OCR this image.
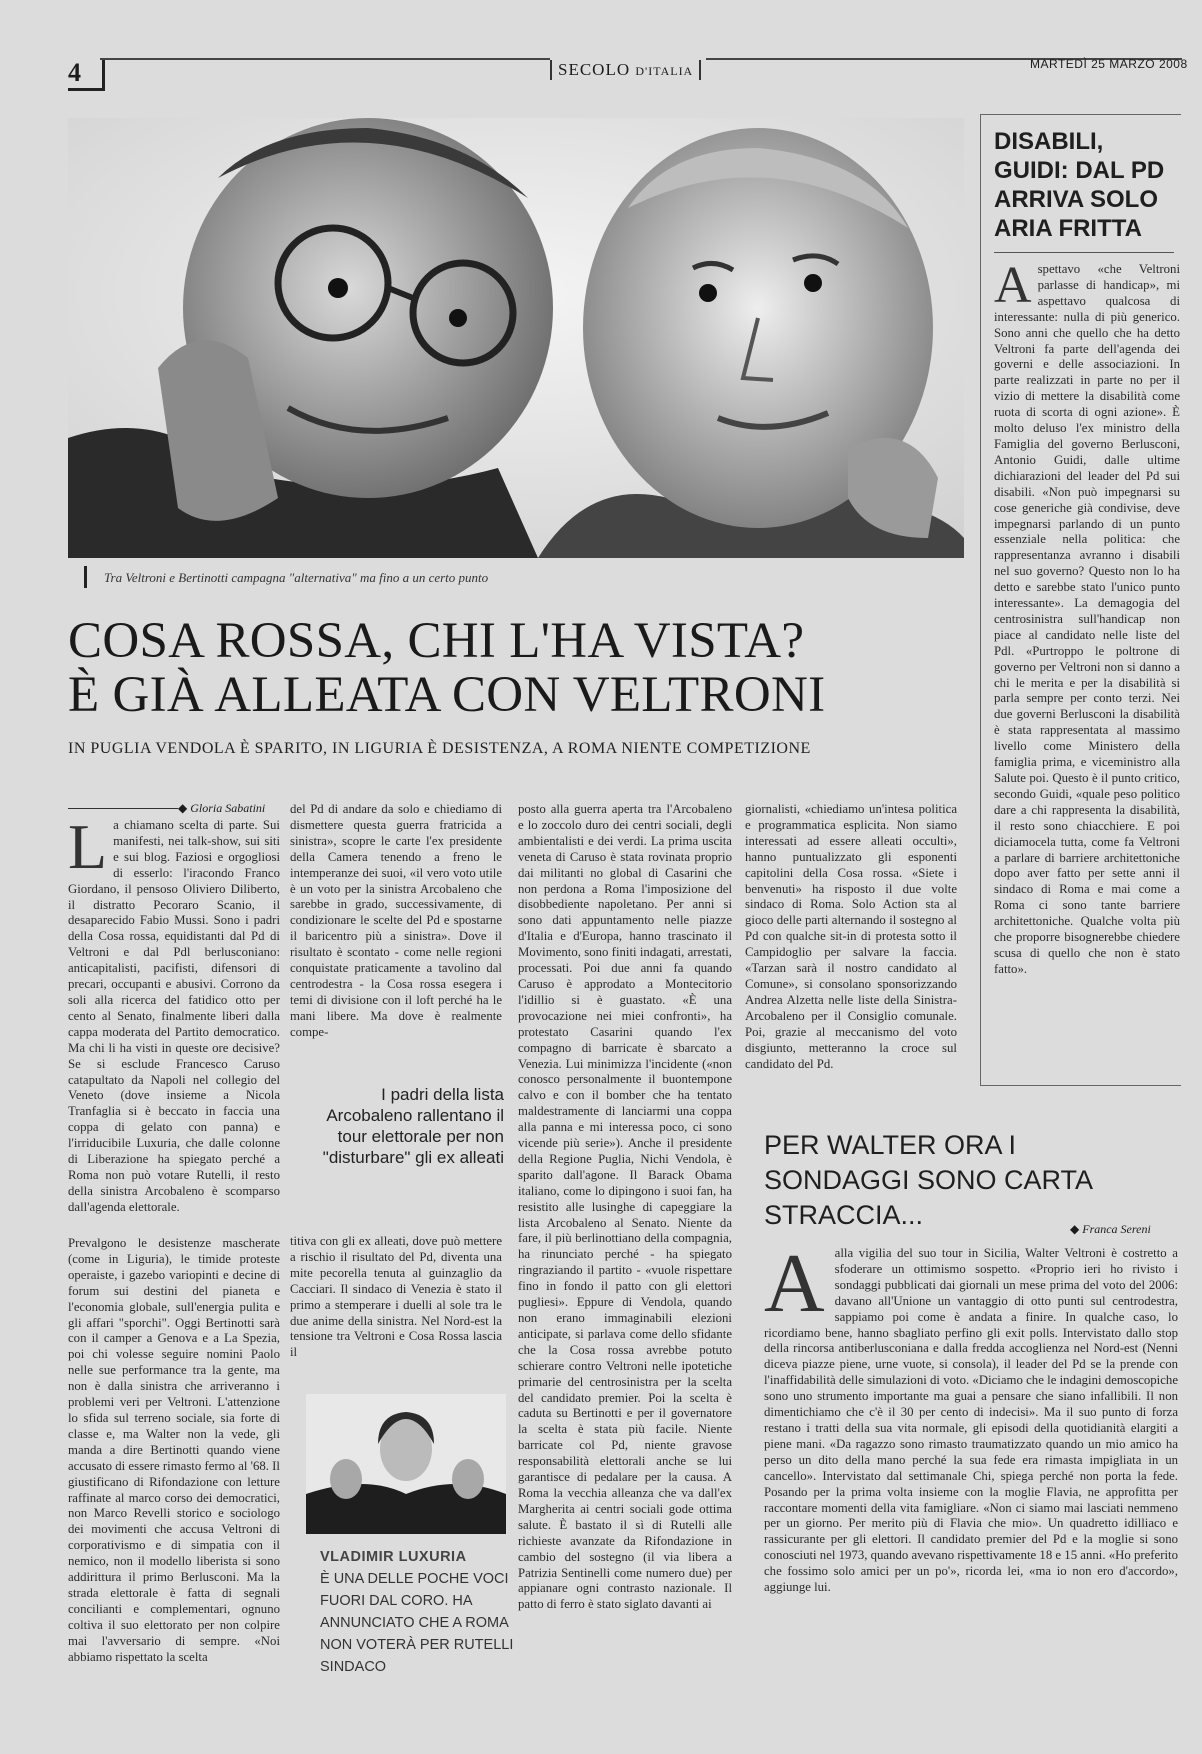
4	SECOLO D'ITALIA	MARTEDÌ 25 MARZO 2008
Tra Veltroni e Bertinotti campagna "alternativa" ma fino a un certo punto
COSA ROSSA, CHI L'HA VISTA?
È GIÀ ALLEATA CON VELTRONI
IN PUGLIA VENDOLA È SPARITO, IN LIGURIA È DESISTENZA, A ROMA NIENTE COMPETIZIONE
◆ Gloria Sabatini
L a chiamano scelta di parte. Sui manifesti, nei talk-show, sui siti e sui blog. Faziosi e orgogliosi di esserlo: l'iracondo Franco Giordano, il pensoso Oliviero Diliberto, il distratto Pecoraro Scanio, il desaparecido Fabio Mussi. Sono i padri della Cosa rossa, equidistanti dal Pd di Veltroni e dal Pdl berlusconiano: anticapitalisti, pacifisti, difensori di precari, occupanti e abusivi. Corrono da soli alla ricerca del fatidico otto per cento al Senato, finalmente liberi dalla cappa moderata del Partito democratico. Ma chi li ha visti in queste ore decisive? Se si esclude Francesco Caruso catapultato da Napoli nel collegio del Veneto (dove insieme a Nicola Tranfaglia si è beccato in faccia una coppa di gelato con panna) e l'irriducibile Luxuria, che dalle colonne di Liberazione ha spiegato perché a Roma non può votare Rutelli, il resto della sinistra Arcobaleno è scomparso dall'agenda elettorale.
Prevalgono le desistenze mascherate (come in Liguria), le timide proteste operaiste, i gazebo variopinti e decine di forum sui destini del pianeta e l'economia globale, sull'energia pulita e gli affari "sporchi". Oggi Bertinotti sarà con il camper a Genova e a La Spezia, poi chi volesse seguire nomini Paolo nelle sue performance tra la gente, ma non è dalla sinistra che arriveranno i problemi veri per Veltroni. L'attenzione lo sfida sul terreno sociale, sia forte di classe e, ma Walter non la vede, gli manda a dire Bertinotti quando viene accusato di essere rimasto fermo al '68. Il giustificano di Rifondazione con letture raffinate al marco corso dei democratici, non Marco Revelli storico e sociologo dei movimenti che accusa Veltroni di corporativismo e di simpatia con il nemico, non il modello liberista si sono addirittura il primo Berlusconi. Ma la strada elettorale è fatta di segnali concilianti e complementari, ognuno coltiva il suo elettorato per non colpire mai l'avversario di sempre. «Noi abbiamo rispettato la scelta
del Pd di andare da solo e chiediamo di dismettere questa guerra fratricida a sinistra», scopre le carte l'ex presidente della Camera tenendo a freno le intemperanze dei suoi, «il vero voto utile è un voto per la sinistra Arcobaleno che sarebbe in grado, successivamente, di condizionare le scelte del Pd e spostarne il baricentro più a sinistra». Dove il risultato è scontato - come nelle regioni conquistate praticamente a tavolino dal centrodestra - la Cosa rossa esegera i temi di divisione con il loft perché ha le mani libere. Ma dove è realmente compe-
I padri della lista Arcobaleno rallentano il tour elettorale per non "disturbare" gli ex alleati
titiva con gli ex alleati, dove può mettere a rischio il risultato del Pd, diventa una mite pecorella tenuta al guinzaglio da Cacciari. Il sindaco di Venezia è stato il primo a stemperare i duelli al sole tra le due anime della sinistra. Nel Nord-est la tensione tra Veltroni e Cosa Rossa lascia il
posto alla guerra aperta tra l'Arcobaleno e lo zoccolo duro dei centri sociali, degli ambientalisti e dei verdi. La prima uscita veneta di Caruso è stata rovinata proprio dai militanti no global di Casarini che non perdona a Roma l'imposizione del disobbediente napoletano. Per anni si sono dati appuntamento nelle piazze d'Italia e d'Europa, hanno trascinato il Movimento, sono finiti indagati, arrestati, processati. Poi due anni fa quando Caruso è approdato a Montecitorio l'idillio si è guastato. «È una provocazione nei miei confronti», ha protestato Casarini quando l'ex compagno di barricate è sbarcato a Venezia. Lui minimizza l'incidente («non conosco personalmente il buontempone calvo e con il bomber che ha tentato maldestramente di lanciarmi una coppa alla panna e mi interessa poco, ci sono vicende più serie»). Anche il presidente della Regione Puglia, Nichi Vendola, è sparito dall'agone. Il Barack Obama italiano, come lo dipingono i suoi fan, ha resistito alle lusinghe di capeggiare la lista Arcobaleno al Senato. Niente da fare, il più berlinottiano della compagnia, ha rinunciato perché - ha spiegato ringraziando il partito - «vuole rispettare fino in fondo il patto con gli elettori pugliesi». Eppure di Vendola, quando non erano immaginabili elezioni anticipate, si parlava come dello sfidante che la Cosa rossa avrebbe potuto schierare contro Veltroni nelle ipotetiche primarie del centrosinistra per la scelta del candidato premier. Poi la scelta è caduta su Bertinotti e per il governatore la scelta è stata più facile. Niente barricate col Pd, niente gravose responsabilità elettorali anche se lui garantisce di pedalare per la causa. A Roma la vecchia alleanza che va dall'ex Margherita ai centri sociali gode ottima salute. È bastato il sì di Rutelli alle richieste avanzate da Rifondazione in cambio del sostegno (il via libera a Patrizia Sentinelli come numero due) per appianare ogni contrasto nazionale. Il patto di ferro è stato siglato davanti ai
giornalisti, «chiediamo un'intesa politica e programmatica esplicita. Non siamo interessati ad essere alleati occulti», hanno puntualizzato gli esponenti capitolini della Cosa rossa. «Siete i benvenuti» ha risposto il due volte sindaco di Roma. Solo Action sta al gioco delle parti alternando il sostegno al Pd con qualche sit-in di protesta sotto il Campidoglio per salvare la faccia. «Tarzan sarà il nostro candidato al Comune», si consolano sponsorizzando Andrea Alzetta nelle liste della Sinistra-Arcobaleno per il Consiglio comunale. Poi, grazie al meccanismo del voto disgiunto, metteranno la croce sul candidato del Pd.
VLADIMIR LUXURIA
È UNA DELLE POCHE VOCI FUORI DAL CORO. HA ANNUNCIATO CHE A ROMA NON VOTERÀ PER RUTELLI SINDACO
DISABILI, GUIDI: DAL PD ARRIVA SOLO ARIA FRITTA
A spettavo «che Veltroni parlasse di handicap», mi aspettavo qualcosa di interessante: nulla di più generico. Sono anni che quello che ha detto Veltroni fa parte dell'agenda dei governi e delle associazioni. In parte realizzati in parte no per il vizio di mettere la disabilità come ruota di scorta di ogni azione». È molto deluso l'ex ministro della Famiglia del governo Berlusconi, Antonio Guidi, dalle ultime dichiarazioni del leader del Pd sui disabili. «Non può impegnarsi su cose generiche già condivise, deve impegnarsi parlando di un punto essenziale nella politica: che rappresentanza avranno i disabili nel suo governo? Questo non lo ha detto e sarebbe stato l'unico punto interessante». La demagogia del centrosinistra sull'handicap non piace al candidato nelle liste del Pdl. «Purtroppo le poltrone di governo per Veltroni non si danno a chi le merita e per la disabilità si parla sempre per conto terzi. Nei due governi Berlusconi la disabilità è stata rappresentata al massimo livello come Ministero della famiglia prima, e viceministro alla Salute poi. Questo è il punto critico, secondo Guidi, «quale peso politico dare a chi rappresenta la disabilità, il resto sono chiacchiere. E poi diciamocela tutta, come fa Veltroni a parlare di barriere architettoniche dopo aver fatto per sette anni il sindaco di Roma e mai come a Roma ci sono tante barriere architettoniche. Qualche volta più che proporre bisognerebbe chiedere scusa di quello che non è stato fatto».
PER WALTER ORA I SONDAGGI SONO CARTA STRACCIA...	◆ Franca Sereni
A alla vigilia del suo tour in Sicilia, Walter Veltroni è costretto a sfoderare un ottimismo sospetto. «Proprio ieri ho rivisto i sondaggi pubblicati dai giornali un mese prima del voto del 2006: davano all'Unione un vantaggio di otto punti sul centrodestra, sappiamo poi come è andata a finire. In qualche caso, lo ricordiamo bene, hanno sbagliato perfino gli exit polls. Intervistato dallo stop della rincorsa antiberlusconiana e dalla fredda accoglienza nel Nord-est (Nenni diceva piazze piene, urne vuote, si consola), il leader del Pd se la prende con l'inaffidabilità delle simulazioni di voto. «Diciamo che le indagini demoscopiche sono uno strumento importante ma guai a pensare che siano infallibili. Il non dimentichiamo che c'è il 30 per cento di indecisi». Ma il suo punto di forza restano i tratti della sua vita normale, gli episodi della quotidianità elargiti a piene mani. «Da ragazzo sono rimasto traumatizzato quando un mio amico ha perso un dito della mano perché la sua fede era rimasta impigliata in un cancello». Intervistato dal settimanale Chi, spiega perché non porta la fede. Posando per la prima volta insieme con la moglie Flavia, ne approfitta per raccontare momenti della vita famigliare. «Non ci siamo mai lasciati nemmeno per un giorno. Per merito più di Flavia che mio». Un quadretto idilliaco e rassicurante per gli elettori. Il candidato premier del Pd e la moglie si sono conosciuti nel 1973, quando avevano rispettivamente 18 e 15 anni. «Ho preferito che fossimo solo amici per un po'», ricorda lei, «ma io non ero d'accordo», aggiunge lui.
